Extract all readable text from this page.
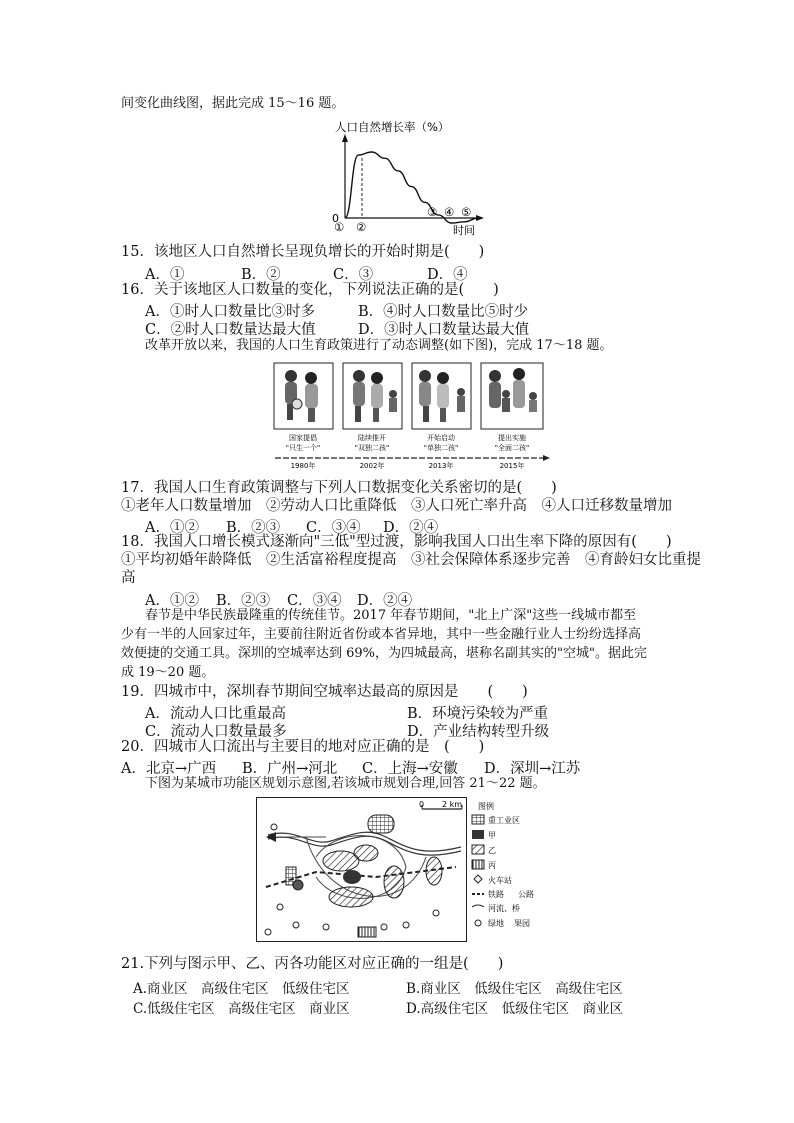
间变化曲线图，据此完成 15～16 题。
人口自然增长率（%）
0
时间
① ②
③ ④ ⑤
15．该地区人口自然增长呈现负增长的开始时期是(　　)
A．①	B．②	C．③	D．④
16．关于该地区人口数量的变化，下列说法正确的是(　　)
A．①时人口数量比③时多	B．④时人口数量比⑤时少
C．②时人口数量达最大值	D．③时人口数量达最大值
改革开放以来，我国的人口生育政策进行了动态调整(如下图)，完成 17～18 题。
国家提倡
"只生一个"
1980年
陆续推开
"双独二孩"
2002年
开始启动
"单独二孩"
2013年
提出实施
"全面二孩"
2015年
17．我国人口生育政策调整与下列人口数据变化关系密切的是(　　)
①老年人口数量增加　②劳动人口比重降低　③人口死亡率升高　④人口迁移数量增加
A．①② B．②③ C．③④ D．②④
18．我国人口增长模式逐渐向"三低"型过渡，影响我国人口出生率下降的原因有(　　)
①平均初婚年龄降低　②生活富裕程度提高　③社会保障体系逐步完善　④育龄妇女比重提
高
A．①② B．②③ C．③④ D．②④
春节是中华民族最隆重的传统佳节。2017 年春节期间，"北上广深"这些一线城市都至
少有一半的人回家过年，主要前往附近省份或本省异地，其中一些金融行业人士纷纷选择高
效便捷的交通工具。深圳的空城率达到 69%，为四城最高，堪称名副其实的"空城"。据此完
成 19～20 题。
19．四城市中，深圳春节期间空城率达最高的原因是　　(　　)
A．流动人口比重最高	B．环境污染较为严重
C．流动人口数量最多	D．产业结构转型升级
20．四城市人口流出与主要目的地对应正确的是　(　　)
A．北京→广西 B．广州→河北 C．上海→安徽 D．深圳→江苏
下图为某城市功能区规划示意图,若该城市规划合理,回答 21～22 题。
0 2 km 图例
重工业区
甲
乙
丙
火车站
铁路 公路
河流、桥
绿地 果园
21.下列与图示甲、乙、丙各功能区对应正确的一组是(　　)
A.商业区　高级住宅区　低级住宅区	B.商业区　低级住宅区　高级住宅区
C.低级住宅区　高级住宅区　商业区	D.高级住宅区　低级住宅区　商业区
